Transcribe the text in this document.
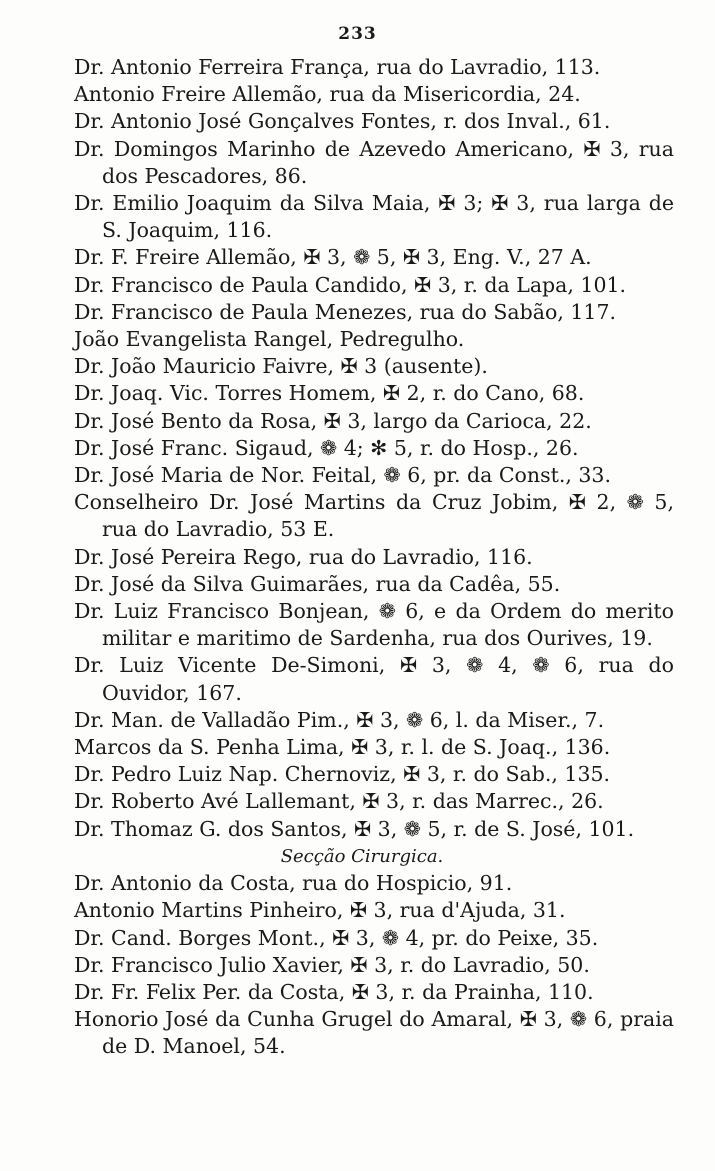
233
Dr. Antonio Ferreira França, rua do Lavradio, 113.
Antonio Freire Allemão, rua da Misericordia, 24.
Dr. Antonio José Gonçalves Fontes, r. dos Inval., 61.
Dr. Domingos Marinho de Azevedo Americano, ✠ 3, rua dos Pescadores, 86.
Dr. Emilio Joaquim da Silva Maia, ✠ 3; ✠ 3, rua larga de S. Joaquim, 116.
Dr. F. Freire Allemão, ✠ 3, ❁ 5, ✠ 3, Eng. V., 27 A.
Dr. Francisco de Paula Candido, ✠ 3, r. da Lapa, 101.
Dr. Francisco de Paula Menezes, rua do Sabão, 117.
João Evangelista Rangel, Pedregulho.
Dr. João Mauricio Faivre, ✠ 3 (ausente).
Dr. Joaq. Vic. Torres Homem, ✠ 2, r. do Cano, 68.
Dr. José Bento da Rosa, ✠ 3, largo da Carioca, 22.
Dr. José Franc. Sigaud, ❁ 4; ✻ 5, r. do Hosp., 26.
Dr. José Maria de Nor. Feital, ❁ 6, pr. da Const., 33.
Conselheiro Dr. José Martins da Cruz Jobim, ✠ 2, ❁ 5, rua do Lavradio, 53 E.
Dr. José Pereira Rego, rua do Lavradio, 116.
Dr. José da Silva Guimarães, rua da Cadêa, 55.
Dr. Luiz Francisco Bonjean, ❁ 6, e da Ordem do merito militar e maritimo de Sardenha, rua dos Ourives, 19.
Dr. Luiz Vicente De-Simoni, ✠ 3, ❁ 4, ❁ 6, rua do Ouvidor, 167.
Dr. Man. de Valladão Pim., ✠ 3, ❁ 6, l. da Miser., 7.
Marcos da S. Penha Lima, ✠ 3, r. l. de S. Joaq., 136.
Dr. Pedro Luiz Nap. Chernoviz, ✠ 3, r. do Sab., 135.
Dr. Roberto Avé Lallemant, ✠ 3, r. das Marrec., 26.
Dr. Thomaz G. dos Santos, ✠ 3, ❁ 5, r. de S. José, 101.
Secção Cirurgica.
Dr. Antonio da Costa, rua do Hospicio, 91.
Antonio Martins Pinheiro, ✠ 3, rua d'Ajuda, 31.
Dr. Cand. Borges Mont., ✠ 3, ❁ 4, pr. do Peixe, 35.
Dr. Francisco Julio Xavier, ✠ 3, r. do Lavradio, 50.
Dr. Fr. Felix Per. da Costa, ✠ 3, r. da Prainha, 110.
Honorio José da Cunha Grugel do Amaral, ✠ 3, ❁ 6, praia de D. Manoel, 54.
